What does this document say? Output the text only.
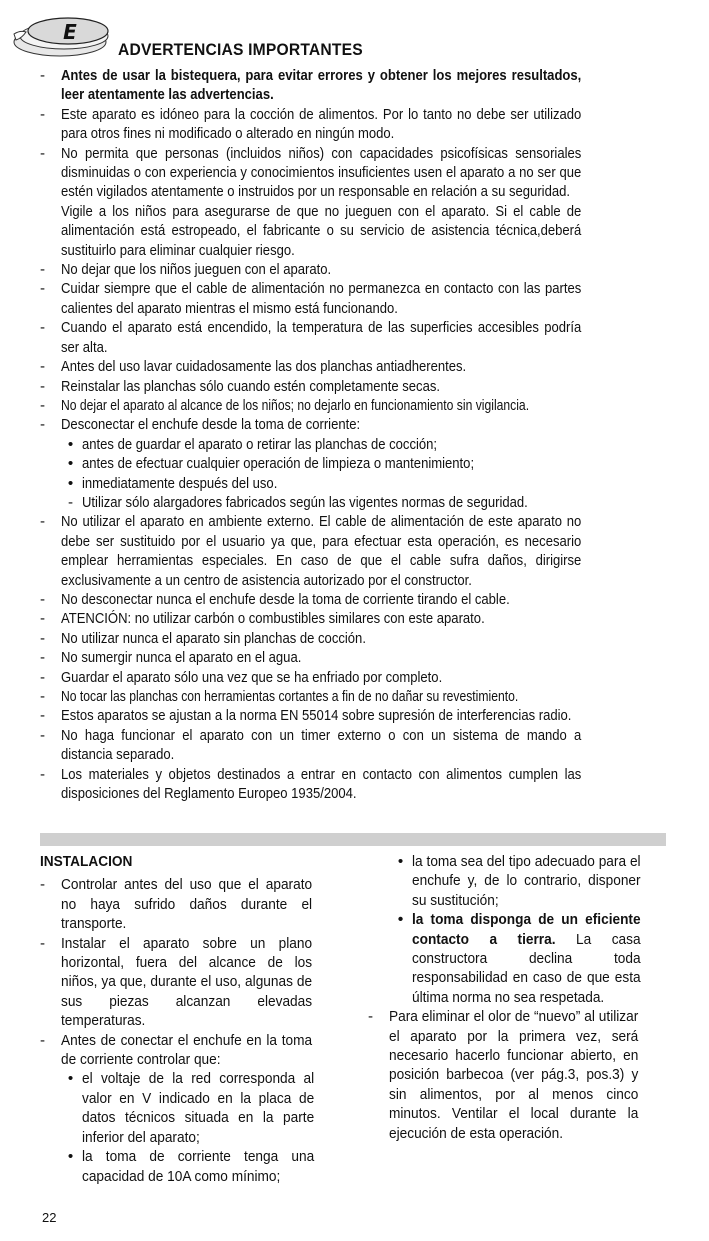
E
ADVERTENCIAS IMPORTANTES
-	Antes de usar la bistequera, para evitar errores y obtener los mejores resultados, leer atentamente las advertencias.
-	Este aparato es idóneo para la cocción de alimentos. Por lo tanto no debe ser utilizado para otros fines ni modificado o alterado en ningún modo.
-	No permita que personas (incluidos niños) con capacidades psicofísicas sensoriales disminuidas o con experiencia y conocimientos insuficientes usen el aparato a no ser que estén vigilados atentamente o instruidos por un responsable en relación a su seguridad.
Vigile a los niños para asegurarse de que no jueguen con el aparato. Si el cable de alimentación está estropeado, el fabricante o su servicio de asistencia técnica,deberá sustituirlo para eliminar cualquier riesgo.
-	No dejar que los niños jueguen con el aparato.
-	Cuidar siempre que el cable de alimentación no permanezca en contacto con las partes calientes del aparato mientras el mismo está funcionando.
-	Cuando el aparato está encendido, la temperatura de las superficies accesibles podría ser alta.
-	Antes del uso lavar cuidadosamente las dos planchas antiadherentes.
-	Reinstalar las planchas sólo cuando estén completamente secas.
-	No dejar el aparato al alcance de los niños; no dejarlo en funcionamiento sin vigilancia.
-	Desconectar el enchufe desde la toma de corriente:
• antes de guardar el aparato o retirar las planchas de cocción;
• antes de efectuar cualquier operación de limpieza o mantenimiento;
• inmediatamente después del uso.
- Utilizar sólo alargadores fabricados según las vigentes normas de seguridad.
-	No utilizar el aparato en ambiente externo. El cable de alimentación de este aparato no debe ser sustituido por el usuario ya que, para efectuar esta operación, es necesario emplear herramientas especiales. En caso de que el cable sufra daños, dirigirse exclusivamente a un centro de asistencia autorizado por el constructor.
-	No desconectar nunca el enchufe desde la toma de corriente tirando el cable.
-	ATENCIÓN: no utilizar carbón o combustibles similares con este aparato.
-	No utilizar nunca el aparato sin planchas de cocción.
-	No sumergir nunca el aparato en el agua.
-	Guardar el aparato sólo una vez que se ha enfriado por completo.
-	No tocar las planchas con herramientas cortantes a fin de no dañar su revestimiento.
-	Estos aparatos se ajustan a la norma EN 55014 sobre supresión de interferencias radio.
-	No haga funcionar el aparato con un timer externo o con un sistema de mando a distancia separado.
-	Los materiales y objetos destinados a entrar en contacto con alimentos cumplen las disposiciones del Reglamento Europeo 1935/2004.
INSTALACION
-	Controlar antes del uso que el aparato no haya sufrido daños durante el transporte.
-	Instalar el aparato sobre un plano horizontal, fuera del alcance de los niños, ya que, durante el uso, algunas de sus piezas alcanzan elevadas temperaturas.
-	Antes de conectar el enchufe en la toma de corriente controlar que:
• el voltaje de la red corresponda al valor en V indicado en la placa de datos técnicos situada en la parte inferior del aparato;
• la toma de corriente tenga una capacidad de 10A como mínimo;
• la toma sea del tipo adecuado para el enchufe y, de lo contrario, disponer su sustitución;
• la toma disponga de un eficiente contacto a tierra. La casa constructora declina toda responsabilidad en caso de que esta última norma no sea respetada.
-	Para eliminar el olor de “nuevo” al utilizar el aparato por la primera vez, será necesario hacerlo funcionar abierto, en posición barbecoa (ver pág.3, pos.3) y sin alimentos, por al menos cinco minutos. Ventilar el local durante la ejecución de esta operación.
22
